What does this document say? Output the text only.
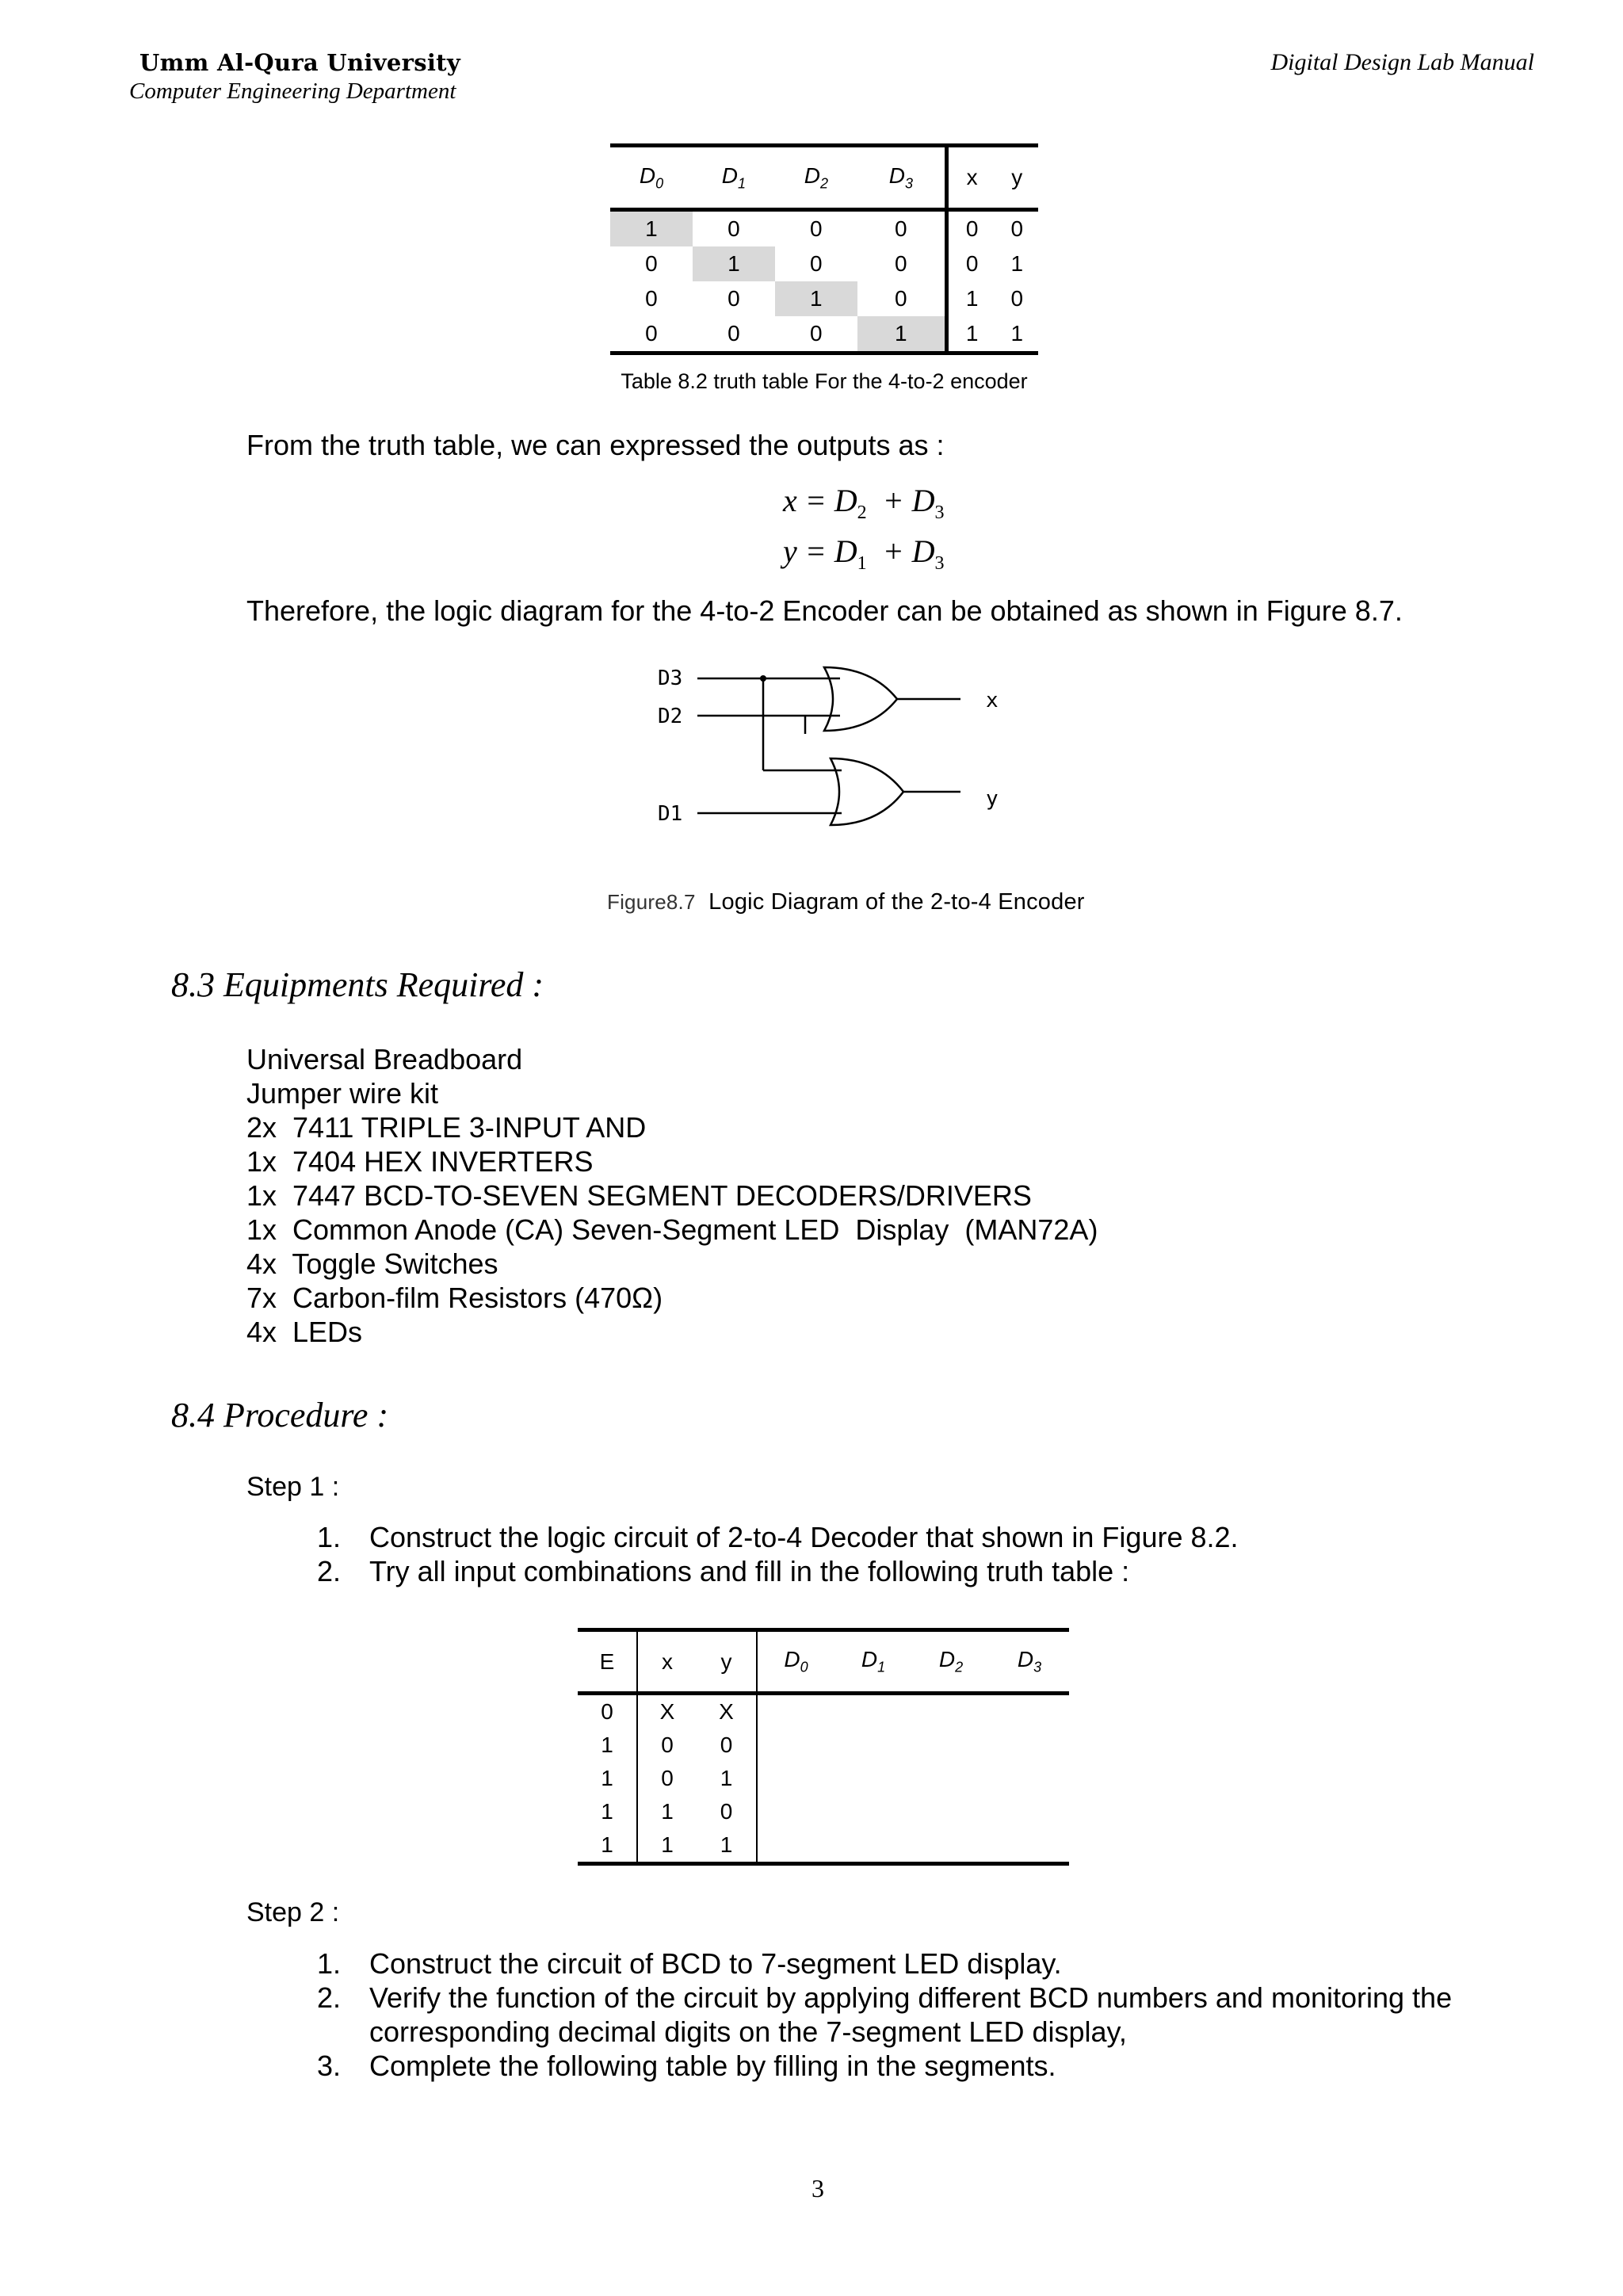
Umm Al-Qura University
Computer Engineering Department
Digital Design Lab Manual
$D_0$	$D_1$	$D_2$	$D_3$	x	y
1	0	0	0	0	0
0	1	0	0	0	1
0	0	1	0	1	0
0	0	0	1	1	1
Table 8.2 truth table For the 4-to-2 encoder
From the truth table, we can expressed the outputs as :
$x = D_2 + D_3$
$y = D_1 + D_3$
Therefore, the logic diagram for the 4-to-2 Encoder can be obtained as shown in Figure 8.7.
D3
D2
D1
x
y
Figure8.7 Logic Diagram of the 2-to-4 Encoder
8.3 Equipments Required :
Universal Breadboard
Jumper wire kit
2x  7411 TRIPLE 3-INPUT AND
1x  7404 HEX INVERTERS
1x  7447 BCD-TO-SEVEN SEGMENT DECODERS/DRIVERS
1x  Common Anode (CA) Seven-Segment LED  Display  (MAN72A)
4x  Toggle Switches
7x  Carbon-film Resistors (470Ω)
4x  LEDs
8.4 Procedure :
Step 1 :
1. Construct the logic circuit of 2-to-4 Decoder that shown in Figure 8.2.
2. Try all input combinations and fill in the following truth table :
E	x	y	$D_0$	$D_1$	$D_2$	$D_3$
0	X	X				
1	0	0				
1	0	1				
1	1	0				
1	1	1				
Step 2 :
1. Construct the circuit of BCD to 7-segment LED display.
2. Verify the function of the circuit by applying different BCD numbers and monitoring the corresponding decimal digits on the 7-segment LED display,
3. Complete the following table by filling in the segments.
3
